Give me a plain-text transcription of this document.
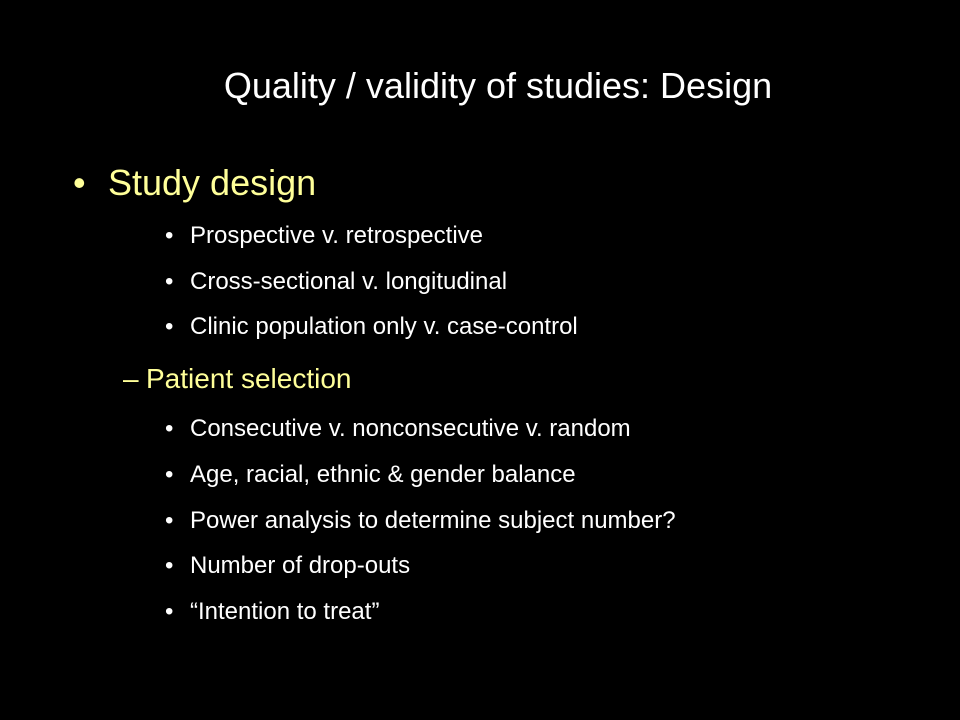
Quality / validity of studies: Design
• Study design
• Prospective v. retrospective
• Cross-sectional v. longitudinal
• Clinic population only v. case-control
– Patient selection
• Consecutive v. nonconsecutive v. random
• Age, racial, ethnic & gender balance
• Power analysis to determine subject number?
• Number of drop-outs
• “Intention to treat”
